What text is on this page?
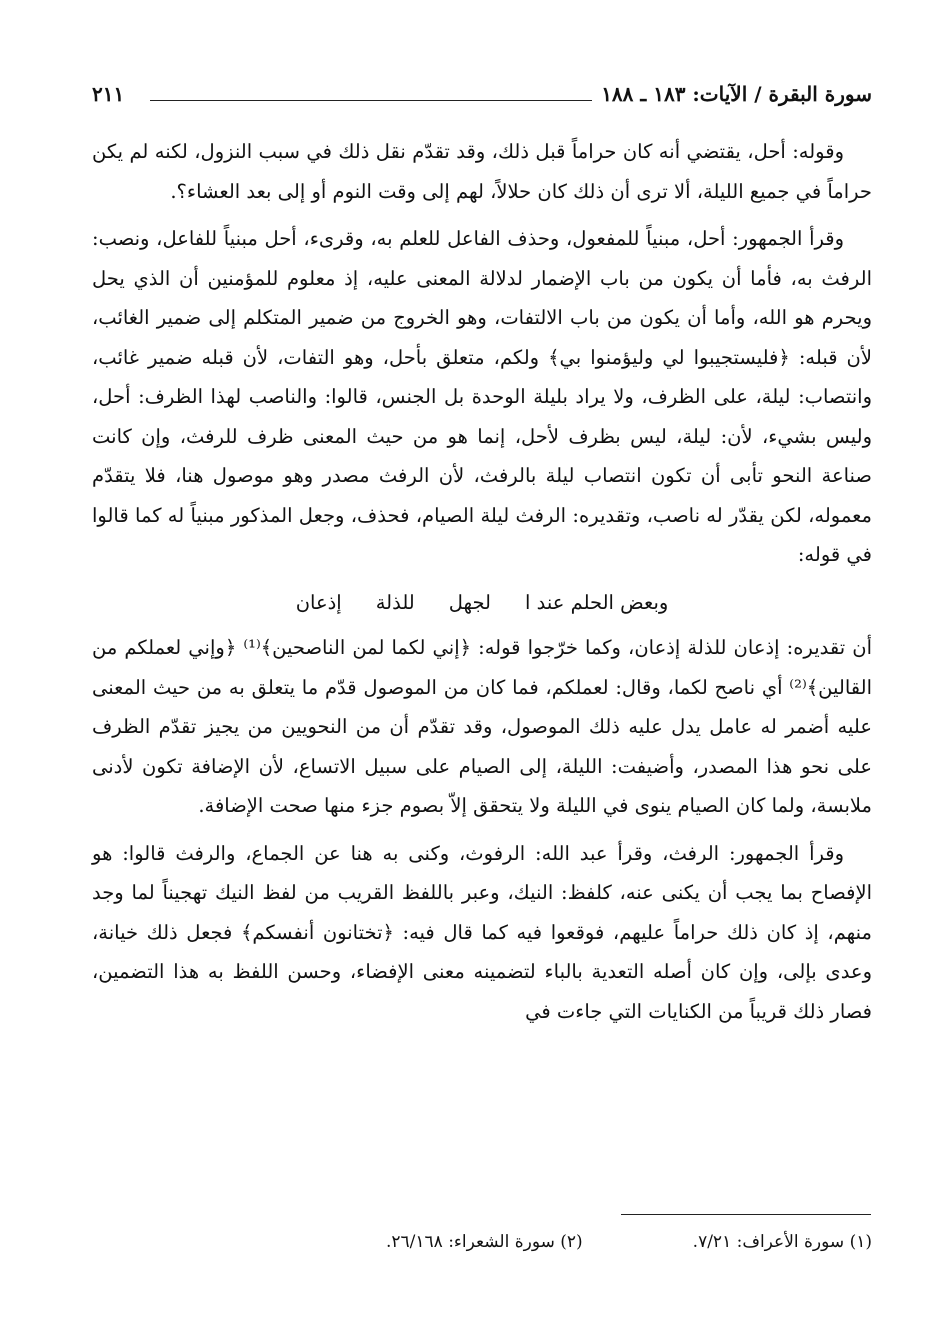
سورة البقرة / الآيات: ١٨٣ ـ ١٨٨
٢١١

وقوله: أحل، يقتضي أنه كان حراماً قبل ذلك، وقد تقدّم نقل ذلك في سبب النزول، لكنه لم يكن حراماً في جميع الليلة، ألا ترى أن ذلك كان حلالاً، لهم إلى وقت النوم أو إلى بعد العشاء؟.

وقرأ الجمهور: أحل، مبنياً للمفعول، وحذف الفاعل للعلم به، وقرىء، أحل مبنياً للفاعل، ونصب: الرفث به، فأما أن يكون من باب الإضمار لدلالة المعنى عليه، إذ معلوم للمؤمنين أن الذي يحل ويحرم هو الله، وأما أن يكون من باب الالتفات، وهو الخروج من ضمير المتكلم إلى ضمير الغائب، لأن قبله: ﴿فليستجيبوا لي وليؤمنوا بي﴾ ولكم، متعلق بأحل، وهو التفات، لأن قبله ضمير غائب، وانتصاب: ليلة، على الظرف، ولا يراد بليلة الوحدة بل الجنس، قالوا: والناصب لهذا الظرف: أحل، وليس بشيء، لأن: ليلة، ليس بظرف لأحل، إنما هو من حيث المعنى ظرف للرفث، وإن كانت صناعة النحو تأبى أن تكون انتصاب ليلة بالرفث، لأن الرفث مصدر وهو موصول هنا، فلا يتقدّم معموله، لكن يقدّر له ناصب، وتقديره: الرفث ليلة الصيام، فحذف، وجعل المذكور مبنياً له كما قالوا في قوله:

وبعض الحلم عند ا
لجهل
للذلة
إذعان

أن تقديره: إذعان للذلة إذعان، وكما خرّجوا قوله: ﴿إني لكما لمن الناصحين﴾⁽¹⁾ ﴿وإني لعملكم من القالين﴾⁽²⁾ أي ناصح لكما، وقال: لعملكم، فما كان من الموصول قدّم ما يتعلق به من حيث المعنى عليه أضمر له عامل يدل عليه ذلك الموصول، وقد تقدّم أن من النحويين من يجيز تقدّم الظرف على نحو هذا المصدر، وأضيفت: الليلة، إلى الصيام على سبيل الاتساع، لأن الإضافة تكون لأدنى ملابسة، ولما كان الصيام ينوى في الليلة ولا يتحقق إلاّ بصوم جزء منها صحت الإضافة.

وقرأ الجمهور: الرفث، وقرأ عبد الله: الرفوث، وكنى به هنا عن الجماع، والرفث قالوا: هو الإفصاح بما يجب أن يكنى عنه، كلفظ: النيك، وعبر باللفظ القريب من لفظ النيك تهجيناً لما وجد منهم، إذ كان ذلك حراماً عليهم، فوقعوا فيه كما قال فيه: ﴿تختانون أنفسكم﴾ فجعل ذلك خيانة، وعدى بإلى، وإن كان أصله التعدية بالباء لتضمينه معنى الإفضاء، وحسن اللفظ به هذا التضمين، فصار ذلك قريباً من الكنايات التي جاءت في

(١) سورة الأعراف: ٧/٢١.
(٢) سورة الشعراء: ٢٦/١٦٨.
